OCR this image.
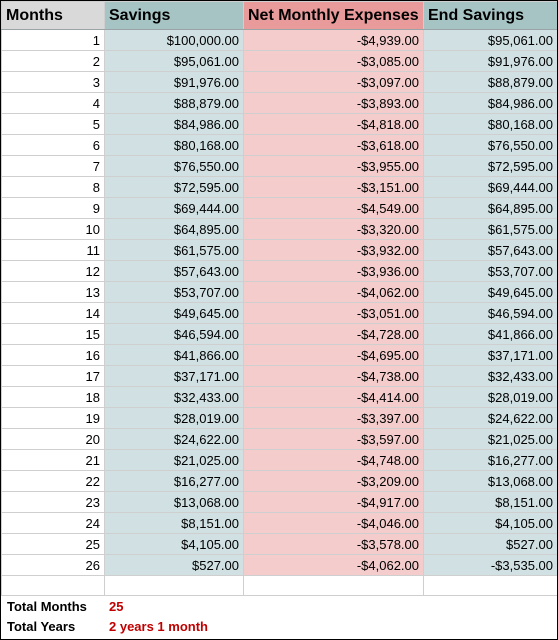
Months	Savings	Net Monthly Expenses	End Savings
1	$100,000.00	-$4,939.00	$95,061.00
2	$95,061.00	-$3,085.00	$91,976.00
3	$91,976.00	-$3,097.00	$88,879.00
4	$88,879.00	-$3,893.00	$84,986.00
5	$84,986.00	-$4,818.00	$80,168.00
6	$80,168.00	-$3,618.00	$76,550.00
7	$76,550.00	-$3,955.00	$72,595.00
8	$72,595.00	-$3,151.00	$69,444.00
9	$69,444.00	-$4,549.00	$64,895.00
10	$64,895.00	-$3,320.00	$61,575.00
11	$61,575.00	-$3,932.00	$57,643.00
12	$57,643.00	-$3,936.00	$53,707.00
13	$53,707.00	-$4,062.00	$49,645.00
14	$49,645.00	-$3,051.00	$46,594.00
15	$46,594.00	-$4,728.00	$41,866.00
16	$41,866.00	-$4,695.00	$37,171.00
17	$37,171.00	-$4,738.00	$32,433.00
18	$32,433.00	-$4,414.00	$28,019.00
19	$28,019.00	-$3,397.00	$24,622.00
20	$24,622.00	-$3,597.00	$21,025.00
21	$21,025.00	-$4,748.00	$16,277.00
22	$16,277.00	-$3,209.00	$13,068.00
23	$13,068.00	-$4,917.00	$8,151.00
24	$8,151.00	-$4,046.00	$4,105.00
25	$4,105.00	-$3,578.00	$527.00
26	$527.00	-$4,062.00	-$3,535.00

Total Months	25
Total Years	2 years 1 month
